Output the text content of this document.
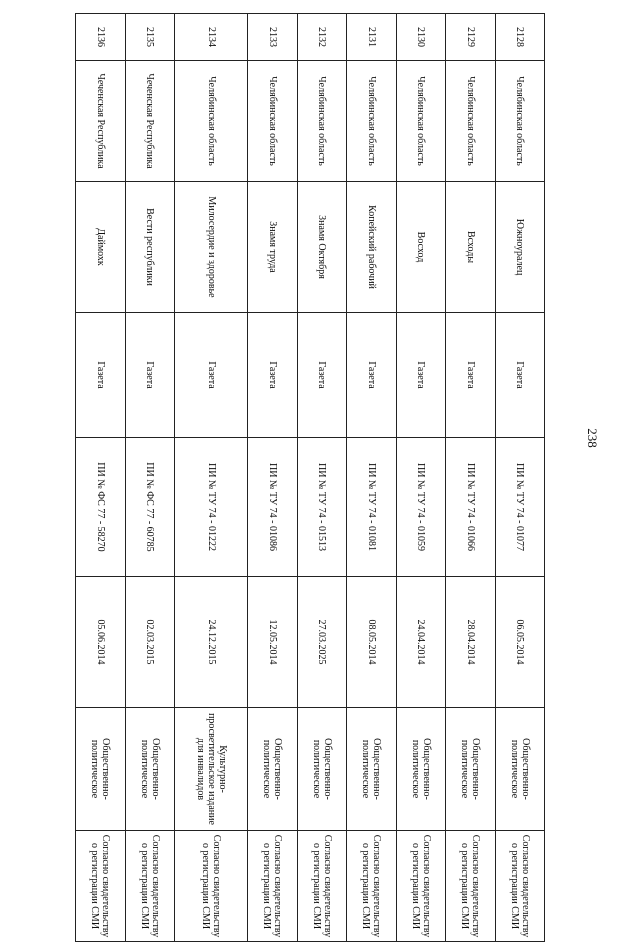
238
2128	Челябинская область	Южноуралец	Газета	ПИ № ТУ 74 - 01077	06.05.2014	Общественно-политическое	Согласно свидетельству о регистрации СМИ
2129	Челябинская область	Всходы	Газета	ПИ № ТУ 74 - 01066	28.04.2014	Общественно-политическое	Согласно свидетельству о регистрации СМИ
2130	Челябинская область	Восход	Газета	ПИ № ТУ 74 - 01059	24.04.2014	Общественно-политическое	Согласно свидетельству о регистрации СМИ
2131	Челябинская область	Копейский рабочий	Газета	ПИ № ТУ 74 - 01081	08.05.2014	Общественно-политическое	Согласно свидетельству о регистрации СМИ
2132	Челябинская область	Знамя Октября	Газета	ПИ № ТУ 74 - 01513	27.03.2025	Общественно-политическое	Согласно свидетельству о регистрации СМИ
2133	Челябинская область	Знамя труда	Газета	ПИ № ТУ 74 - 01086	12.05.2014	Общественно-политическое	Согласно свидетельству о регистрации СМИ
2134	Челябинская область	Милосердие и здоровье	Газета	ПИ № ТУ 74 - 01222	24.12.2015	Культурно-просветительское издание для инвалидов	Согласно свидетельству о регистрации СМИ
2135	Чеченская Республика	Вести республики	Газета	ПИ № ФС 77 - 60785	02.03.2015	Общественно-политическое	Согласно свидетельству о регистрации СМИ
2136	Чеченская Республика	Даймохк	Газета	ПИ № ФС 77 - 58270	05.06.2014	Общественно-политическое	Согласно свидетельству о регистрации СМИ
